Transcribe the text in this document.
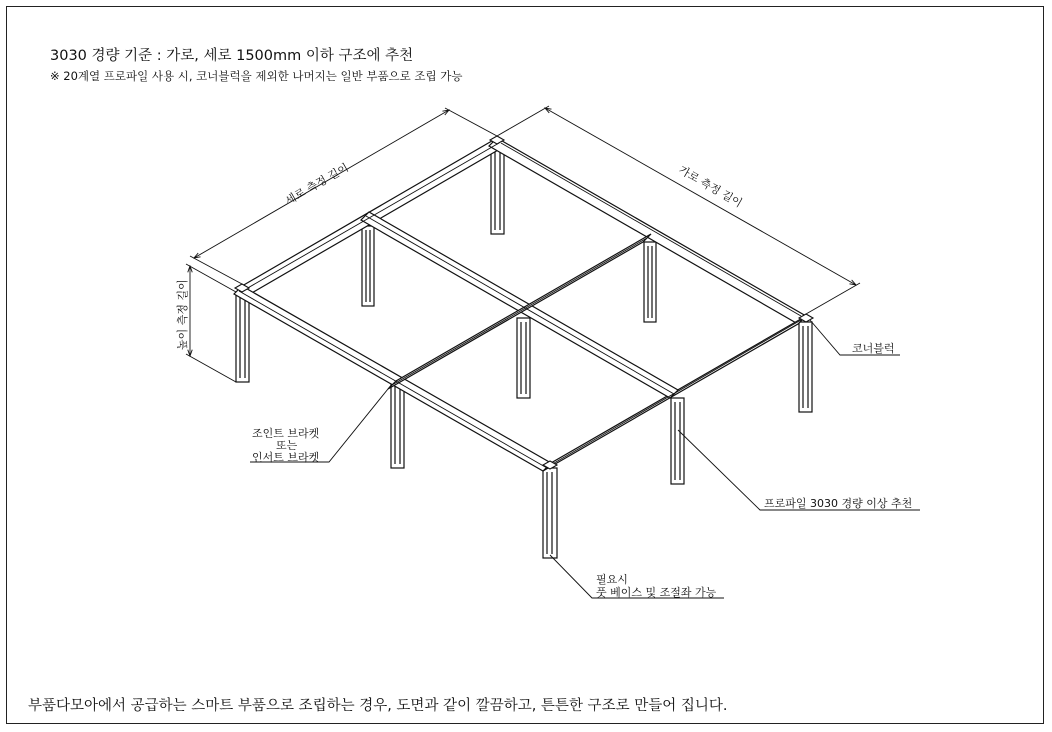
3030 경량 기준 : 가로, 세로 1500mm 이하 구조에 추천
※ 20계열 프로파일 사용 시, 코너블럭을 제외한 나머지는 일반 부품으로 조립 가능
세로 측정 길이	가로 측정 길이
높이 측정 길이	코너블럭
조인트 브라켓
또는
인서트 브라켓
프로파일 3030 경량 이상 추천
필요시
풋 베이스 및 조절좌 가능
부품다모아에서 공급하는 스마트 부품으로 조립하는 경우, 도면과 같이 깔끔하고, 튼튼한 구조로 만들어 집니다.
